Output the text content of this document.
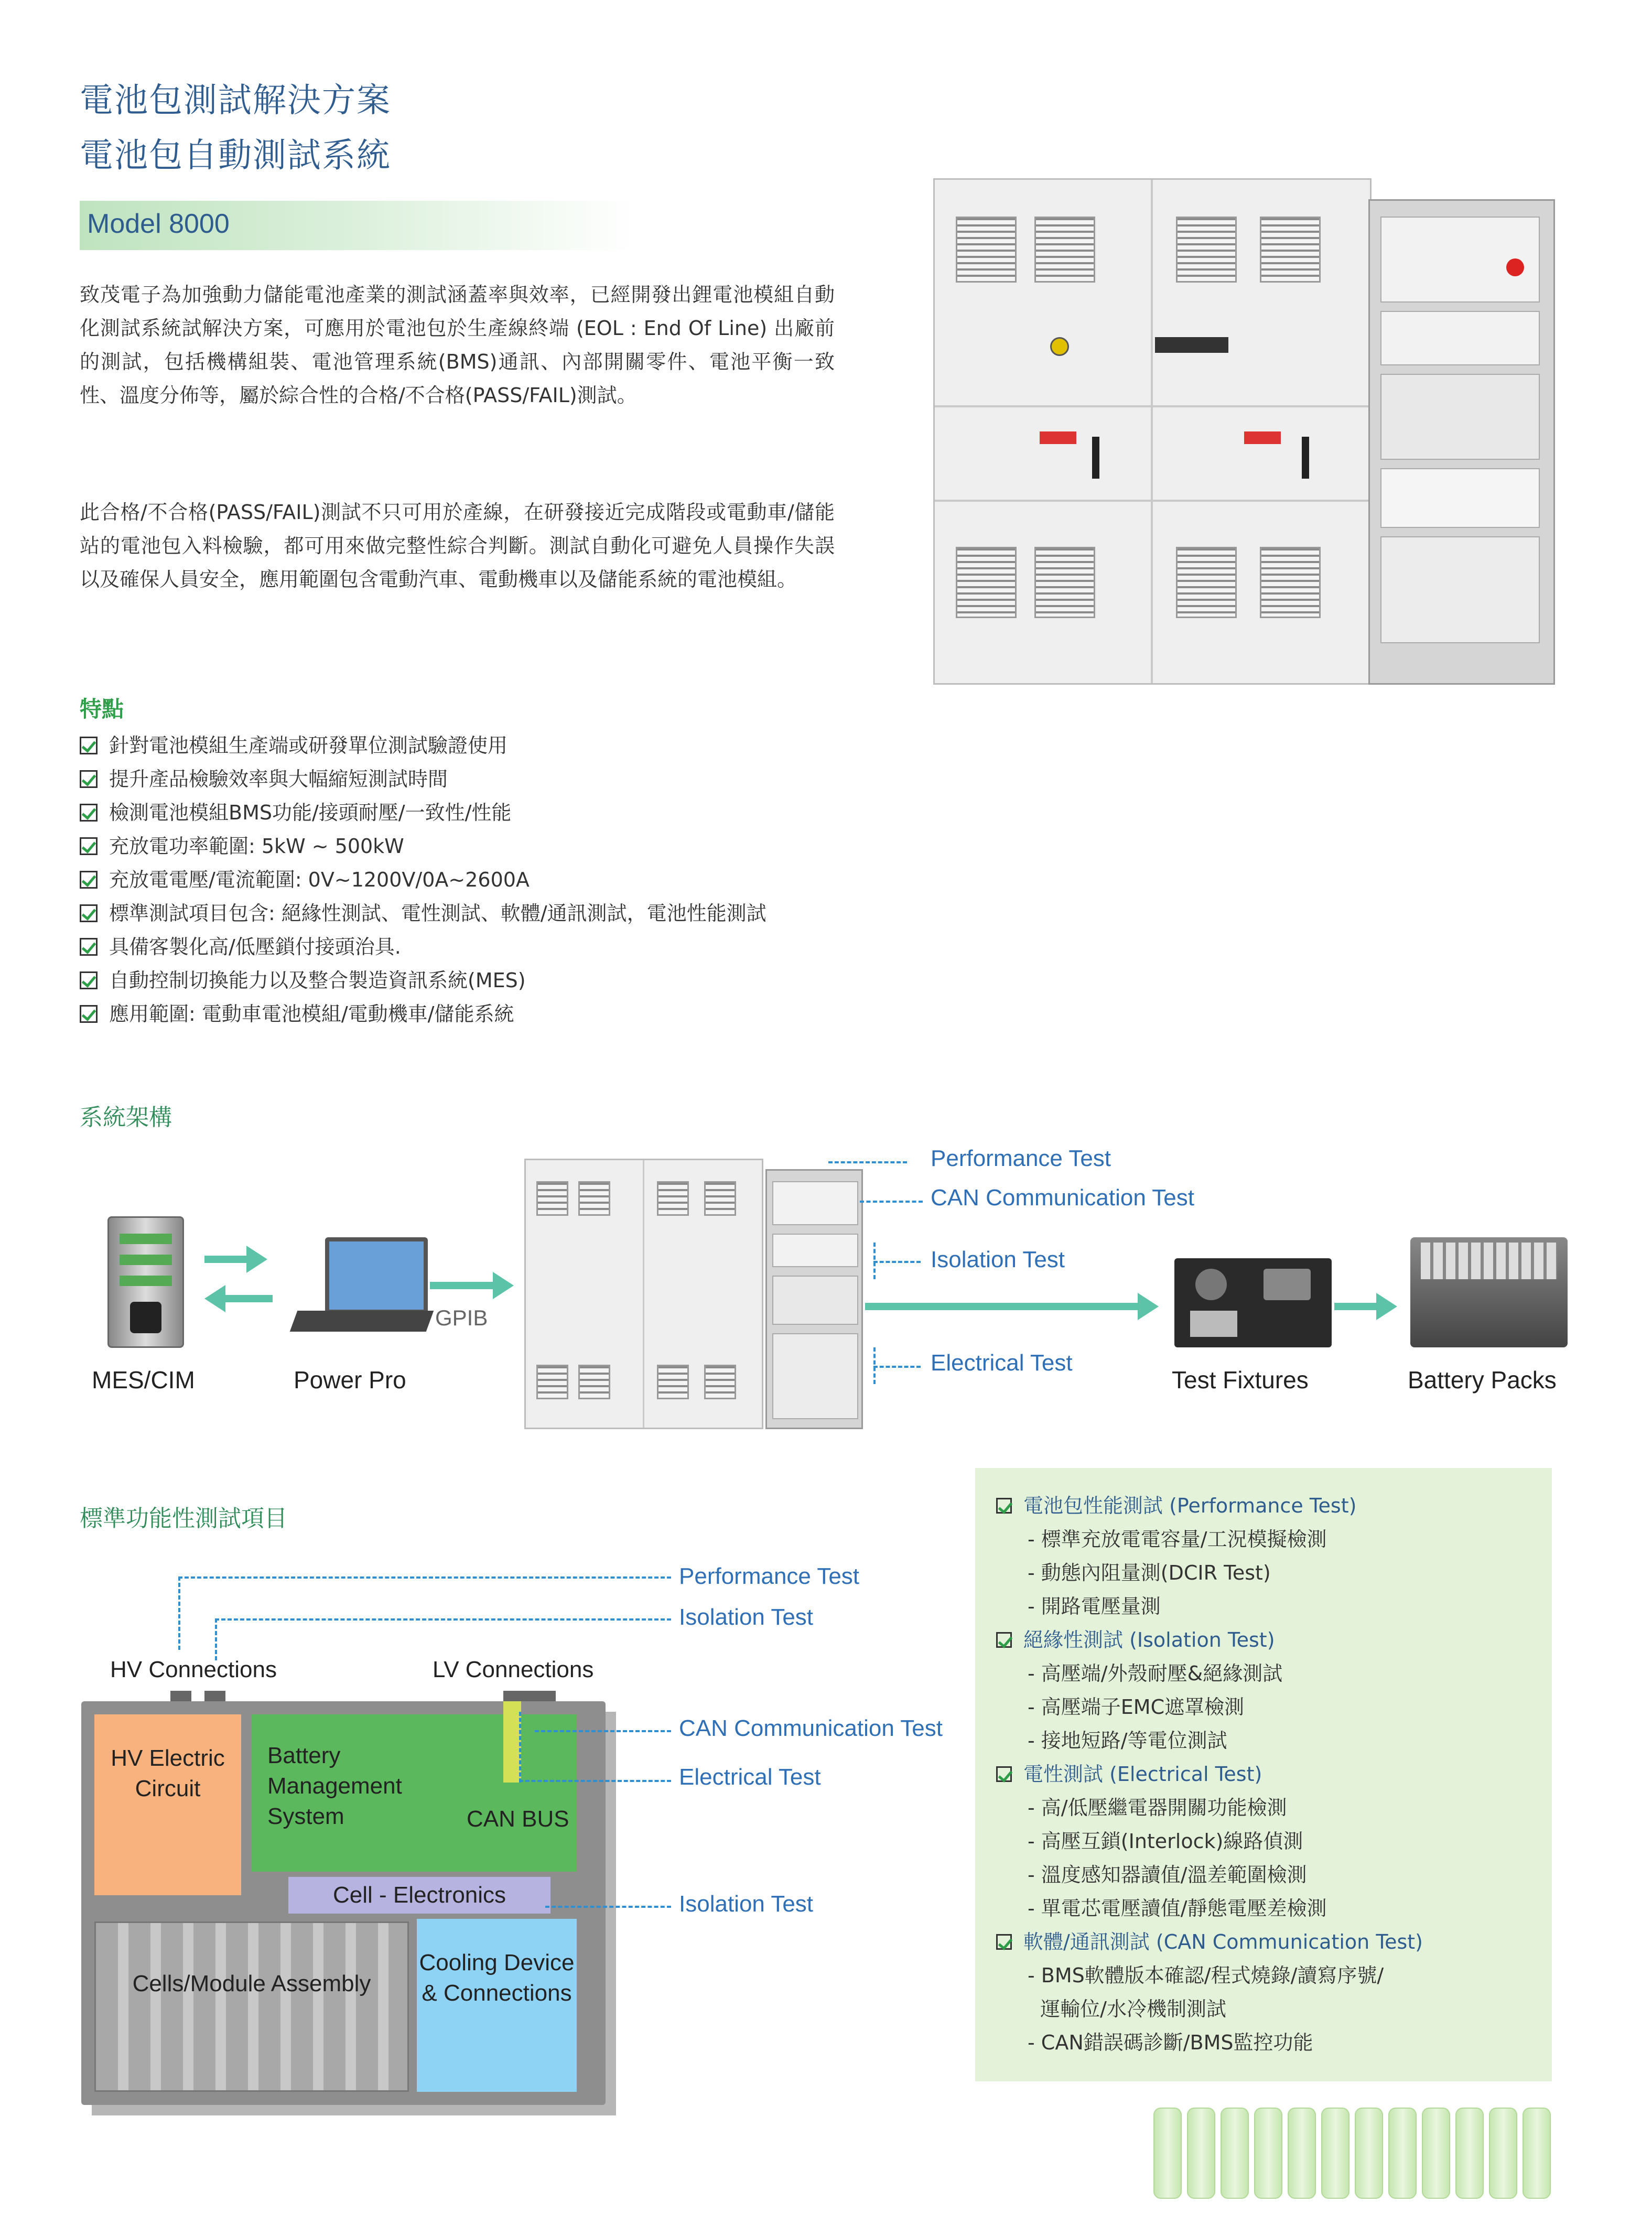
電池包測試解決方案
電池包自動測試系統
Model 8000
致茂電子為加強動力儲能電池產業的測試涵蓋率與效率，已經開發出鋰電池模組自動化測試系統試解決方案，可應用於電池包於生產線終端 (EOL : End Of Line) 出廠前的測試，包括機構組裝、電池管理系統(BMS)通訊、內部開關零件、電池平衡一致性、溫度分佈等，屬於綜合性的合格/不合格(PASS/FAIL)測試。
此合格/不合格(PASS/FAIL)測試不只可用於產線，在研發接近完成階段或電動車/儲能站的電池包入料檢驗，都可用來做完整性綜合判斷。測試自動化可避免人員操作失誤以及確保人員安全，應用範圍包含電動汽車、電動機車以及儲能系統的電池模組。
特點
針對電池模組生產端或研發單位測試驗證使用
提升產品檢驗效率與大幅縮短測試時間
檢測電池模組BMS功能/接頭耐壓/一致性/性能
充放電功率範圍: 5kW ~ 500kW
充放電電壓/電流範圍: 0V~1200V/0A~2600A
標準測試項目包含: 絕緣性測試、電性測試、軟體/通訊測試，電池性能測試
具備客製化高/低壓鎖付接頭治具.
自動控制切換能力以及整合製造資訊系統(MES)
應用範圍: 電動車電池模組/電動機車/儲能系統
系統架構
MES/CIM	Power Pro
GPIB
Performance Test
CAN Communication Test
Isolation Test
Electrical Test
Test Fixtures	Battery Packs
標準功能性測試項目
Performance Test
Isolation Test
HV Connections	LV Connections
HV Electric Circuit
Battery Management System	CAN BUS
Cell - Electronics
Cells/Module Assembly
Cooling Device & Connections
CAN Communication Test
Electrical Test
Isolation Test
電池包性能測試 (Performance Test)
- 標準充放電電容量/工況模擬檢測
- 動態內阻量測(DCIR Test)
- 開路電壓量測
絕緣性測試 (Isolation Test)
- 高壓端/外殼耐壓&絕緣測試
- 高壓端子EMC遮罩檢測
- 接地短路/等電位測試
電性測試 (Electrical Test)
- 高/低壓繼電器開關功能檢測
- 高壓互鎖(Interlock)線路偵測
- 溫度感知器讀值/溫差範圍檢測
- 單電芯電壓讀值/靜態電壓差檢測
軟體/通訊測試 (CAN Communication Test)
- BMS軟體版本確認/程式燒錄/讀寫序號/
運輸位/水冷機制測試
- CAN錯誤碼診斷/BMS監控功能
